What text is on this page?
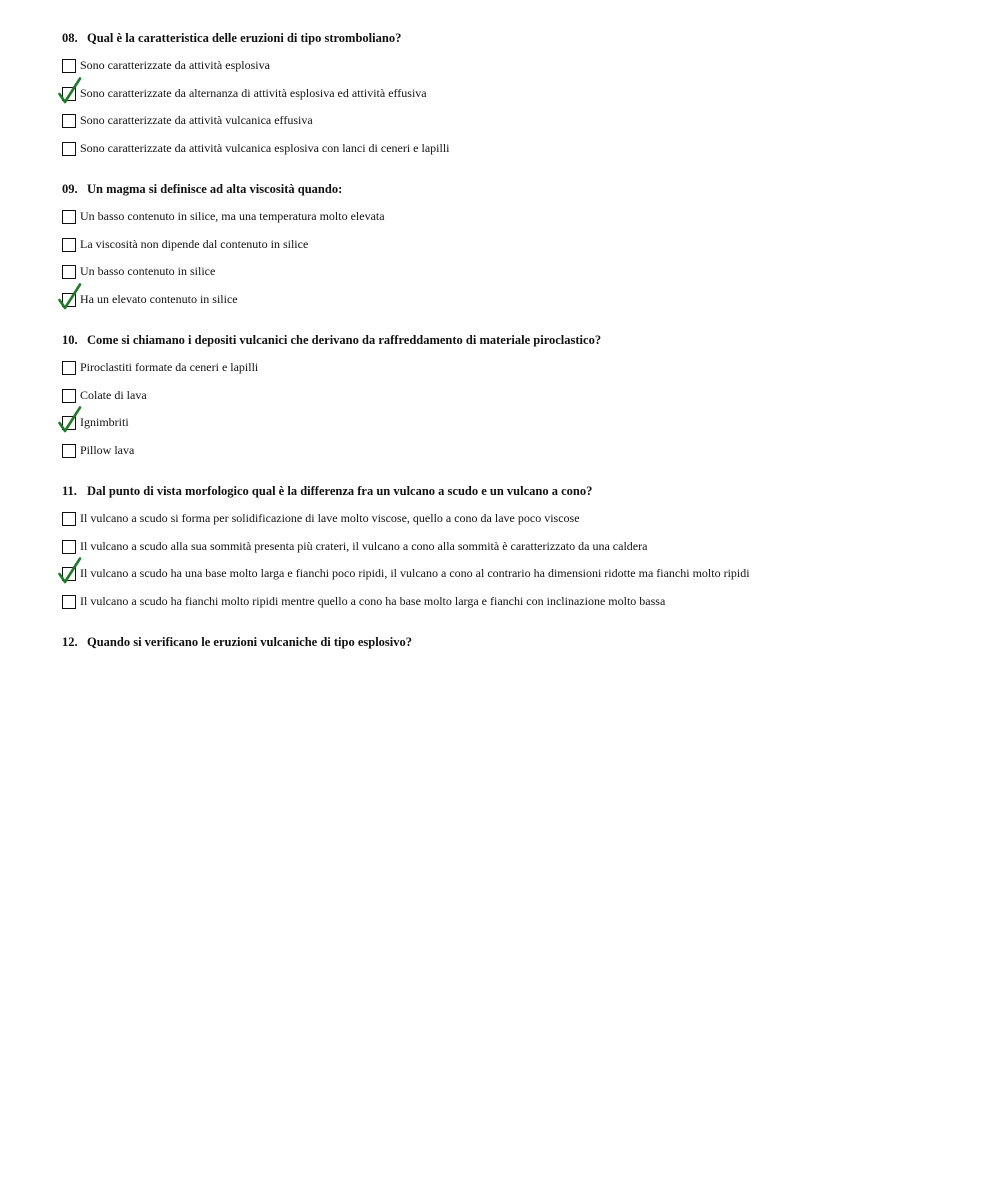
08. Qual è la caratteristica delle eruzioni di tipo stromboliano?
Sono caratterizzate da attività esplosiva
Sono caratterizzate da alternanza di attività esplosiva ed attività effusiva
Sono caratterizzate da attività vulcanica effusiva
Sono caratterizzate da attività vulcanica esplosiva con lanci di ceneri e lapilli
09. Un magma si definisce ad alta viscosità quando:
Un basso contenuto in silice, ma una temperatura molto elevata
La viscosità non dipende dal contenuto in silice
Un basso contenuto in silice
Ha un elevato contenuto in silice
10. Come si chiamano i depositi vulcanici che derivano da raffreddamento di materiale piroclastico?
Piroclastiti formate da ceneri e lapilli
Colate di lava
Ignimbriti
Pillow lava
11. Dal punto di vista morfologico qual è la differenza fra un vulcano a scudo e un vulcano a cono?
Il vulcano a scudo si forma per solidificazione di lave molto viscose, quello a cono da lave poco viscose
Il vulcano a scudo alla sua sommità presenta più crateri, il vulcano a cono alla sommità è caratterizzato da una caldera
Il vulcano a scudo ha una base molto larga e fianchi poco ripidi, il vulcano a cono al contrario ha dimensioni ridotte ma fianchi molto ripidi
Il vulcano a scudo ha fianchi molto ripidi mentre quello a cono ha base molto larga e fianchi con inclinazione molto bassa
12. Quando si verificano le eruzioni vulcaniche di tipo esplosivo?
